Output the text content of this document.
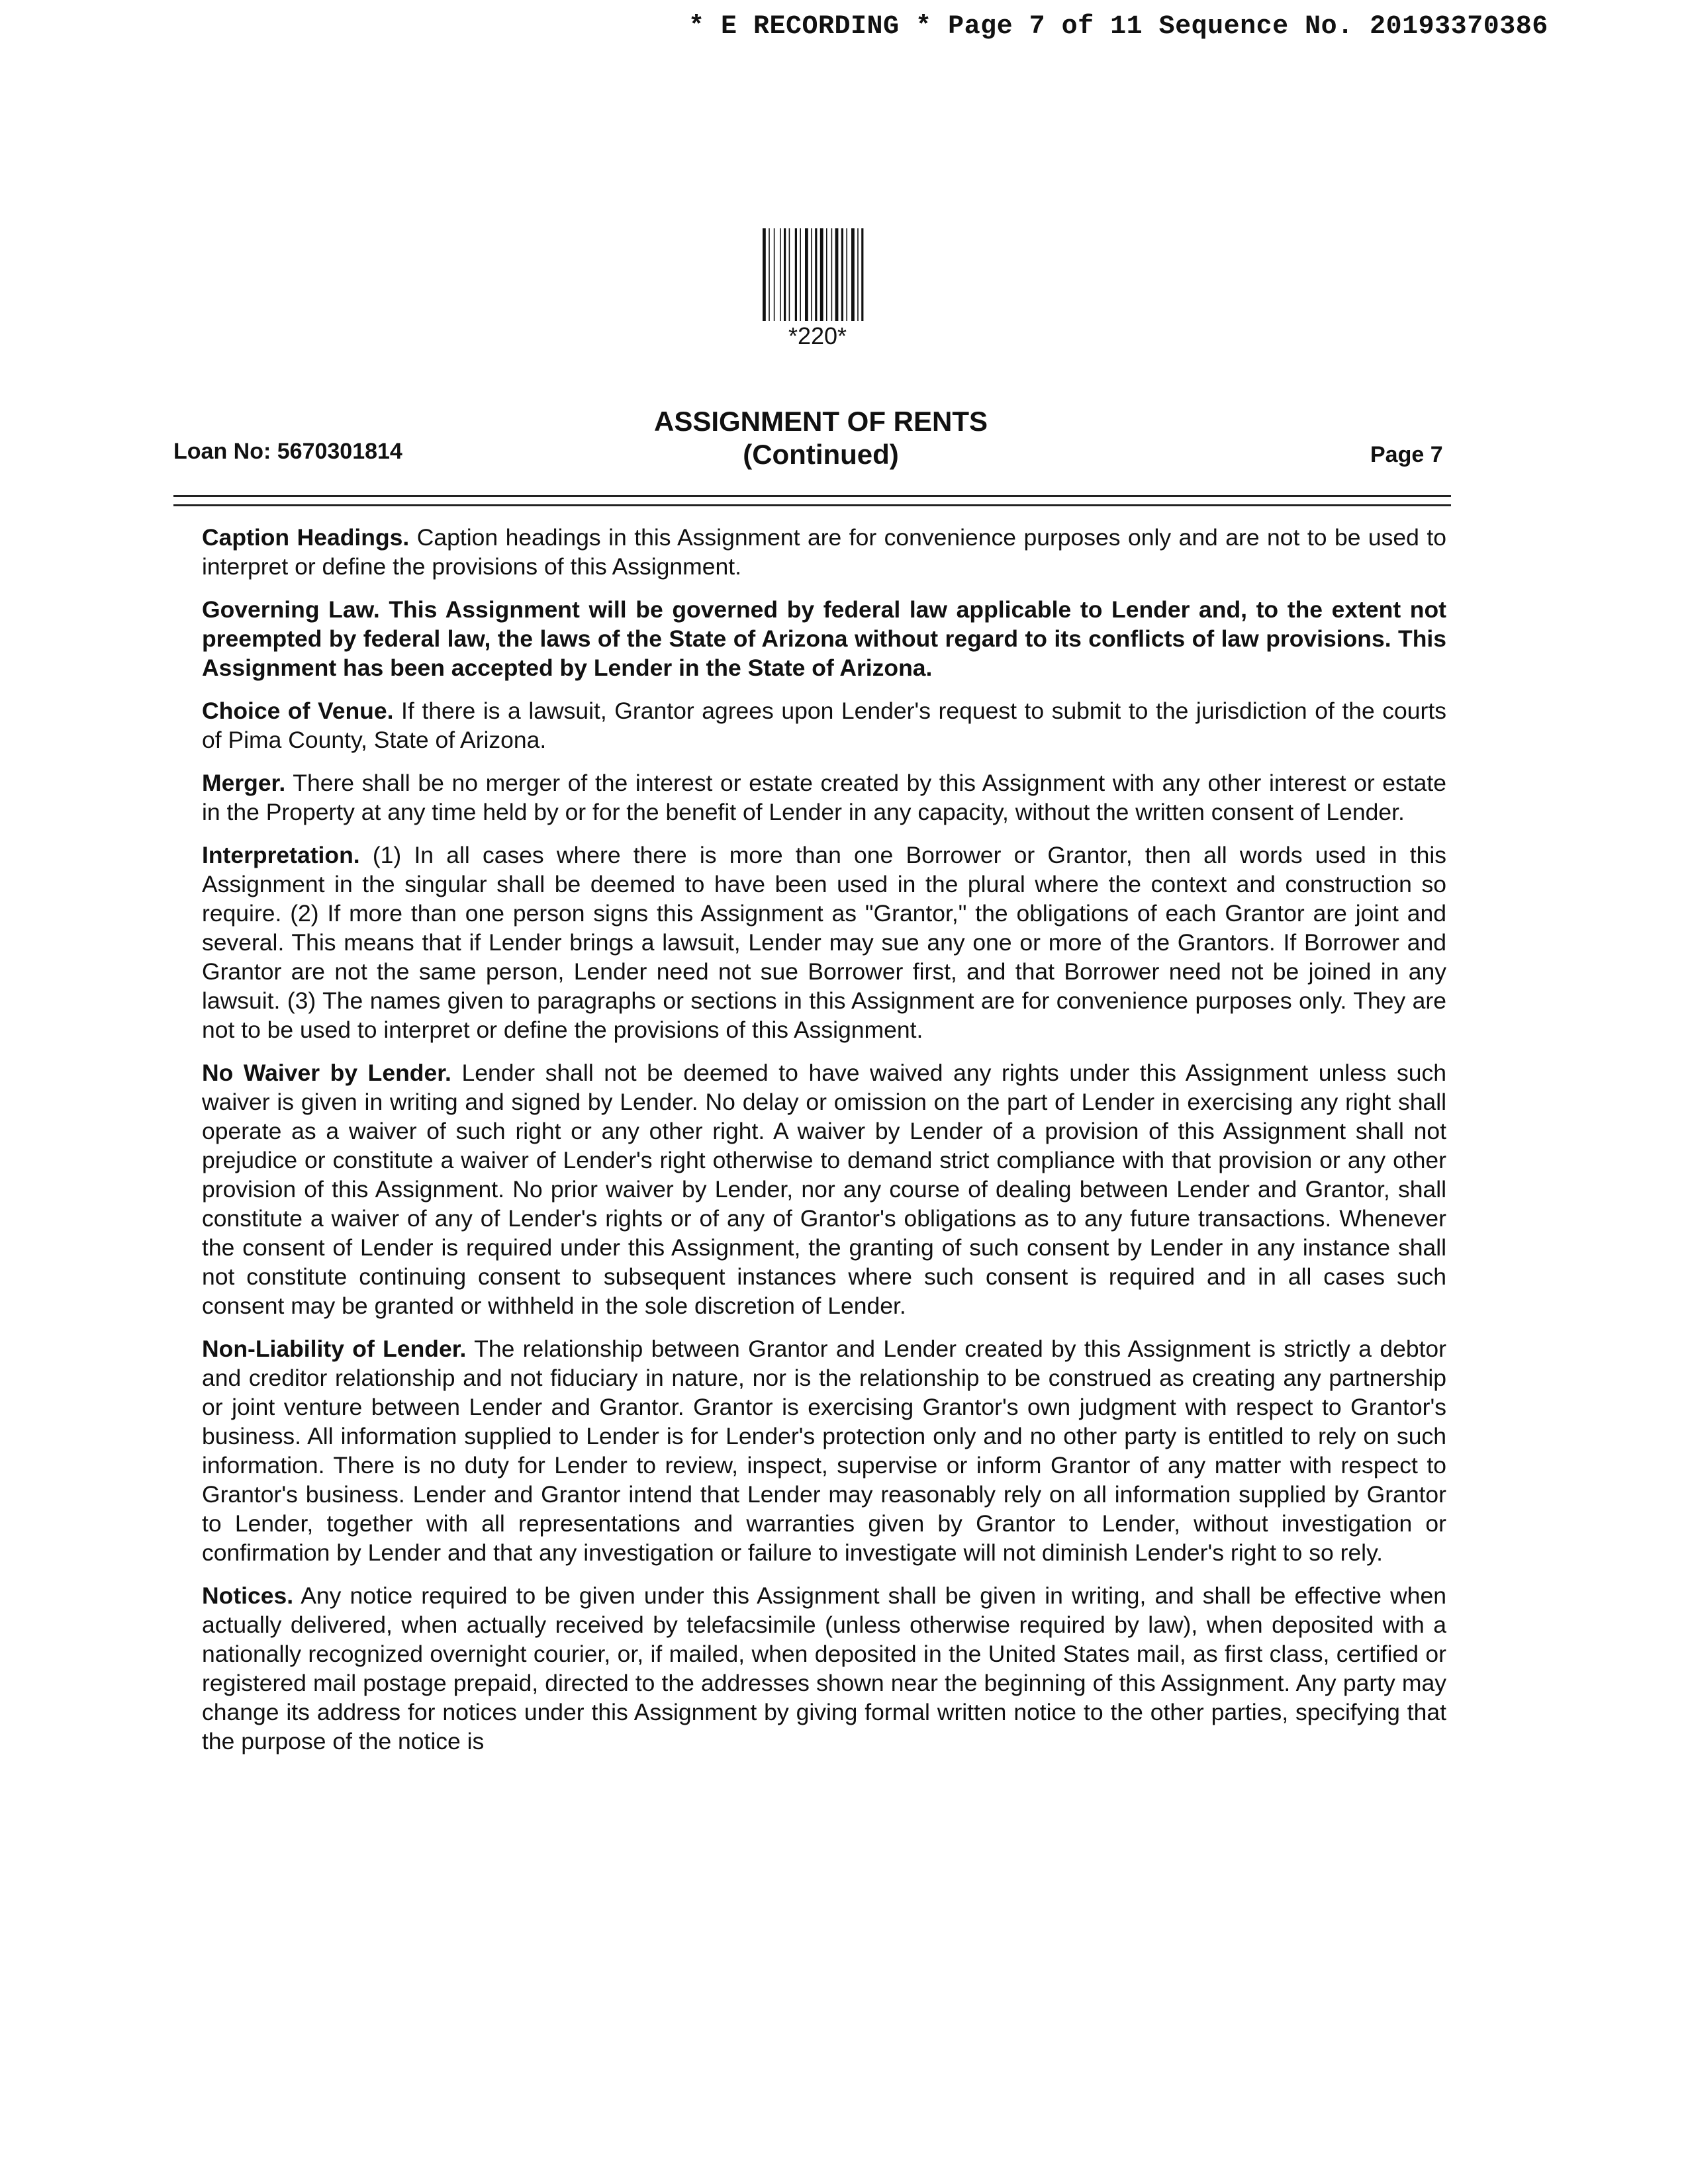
* E RECORDING * Page 7 of 11 Sequence No. 20193370386
*220*
Loan No: 5670301814
ASSIGNMENT OF RENTS
(Continued)	Page 7

Caption Headings. Caption headings in this Assignment are for convenience purposes only and are not to be used to interpret or define the provisions of this Assignment.

Governing Law. This Assignment will be governed by federal law applicable to Lender and, to the extent not preempted by federal law, the laws of the State of Arizona without regard to its conflicts of law provisions. This Assignment has been accepted by Lender in the State of Arizona.

Choice of Venue. If there is a lawsuit, Grantor agrees upon Lender's request to submit to the jurisdiction of the courts of Pima County, State of Arizona.

Merger. There shall be no merger of the interest or estate created by this Assignment with any other interest or estate in the Property at any time held by or for the benefit of Lender in any capacity, without the written consent of Lender.

Interpretation. (1) In all cases where there is more than one Borrower or Grantor, then all words used in this Assignment in the singular shall be deemed to have been used in the plural where the context and construction so require. (2) If more than one person signs this Assignment as "Grantor," the obligations of each Grantor are joint and several. This means that if Lender brings a lawsuit, Lender may sue any one or more of the Grantors. If Borrower and Grantor are not the same person, Lender need not sue Borrower first, and that Borrower need not be joined in any lawsuit. (3) The names given to paragraphs or sections in this Assignment are for convenience purposes only. They are not to be used to interpret or define the provisions of this Assignment.

No Waiver by Lender. Lender shall not be deemed to have waived any rights under this Assignment unless such waiver is given in writing and signed by Lender. No delay or omission on the part of Lender in exercising any right shall operate as a waiver of such right or any other right. A waiver by Lender of a provision of this Assignment shall not prejudice or constitute a waiver of Lender's right otherwise to demand strict compliance with that provision or any other provision of this Assignment. No prior waiver by Lender, nor any course of dealing between Lender and Grantor, shall constitute a waiver of any of Lender's rights or of any of Grantor's obligations as to any future transactions. Whenever the consent of Lender is required under this Assignment, the granting of such consent by Lender in any instance shall not constitute continuing consent to subsequent instances where such consent is required and in all cases such consent may be granted or withheld in the sole discretion of Lender.

Non-Liability of Lender. The relationship between Grantor and Lender created by this Assignment is strictly a debtor and creditor relationship and not fiduciary in nature, nor is the relationship to be construed as creating any partnership or joint venture between Lender and Grantor. Grantor is exercising Grantor's own judgment with respect to Grantor's business. All information supplied to Lender is for Lender's protection only and no other party is entitled to rely on such information. There is no duty for Lender to review, inspect, supervise or inform Grantor of any matter with respect to Grantor's business. Lender and Grantor intend that Lender may reasonably rely on all information supplied by Grantor to Lender, together with all representations and warranties given by Grantor to Lender, without investigation or confirmation by Lender and that any investigation or failure to investigate will not diminish Lender's right to so rely.

Notices. Any notice required to be given under this Assignment shall be given in writing, and shall be effective when actually delivered, when actually received by telefacsimile (unless otherwise required by law), when deposited with a nationally recognized overnight courier, or, if mailed, when deposited in the United States mail, as first class, certified or registered mail postage prepaid, directed to the addresses shown near the beginning of this Assignment. Any party may change its address for notices under this Assignment by giving formal written notice to the other parties, specifying that the purpose of the notice is
